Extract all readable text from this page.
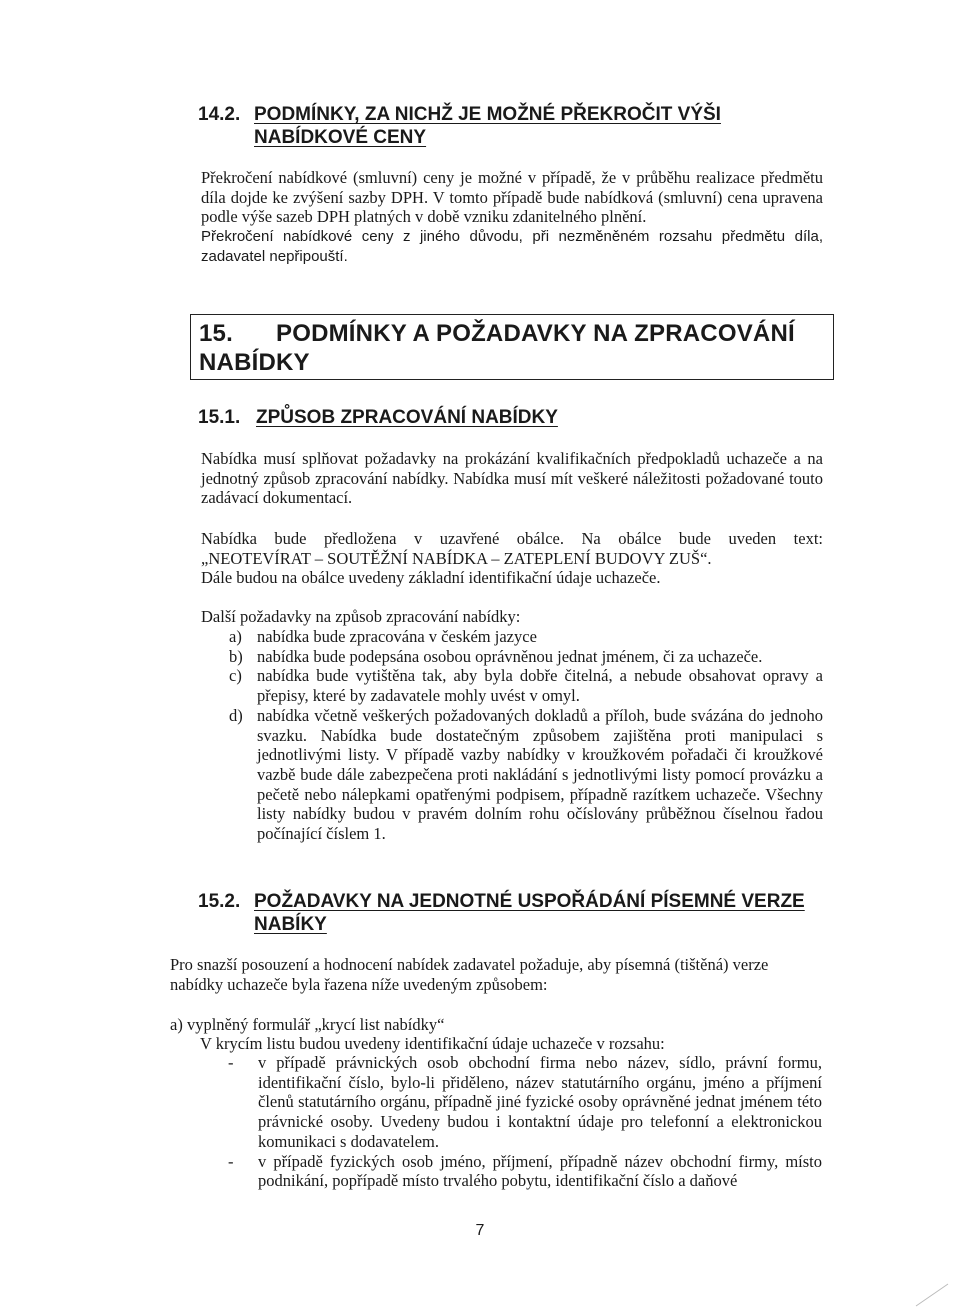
14.2. PODMÍNKY, ZA NICHŽ JE MOŽNÉ PŘEKROČIT VÝŠI
NABÍDKOVÉ CENY
Překročení nabídkové (smluvní) ceny je možné v případě, že v průběhu realizace předmětu díla dojde ke zvýšení sazby DPH. V tomto případě bude nabídková (smluvní) cena upravena podle výše sazeb DPH platných v době vzniku zdanitelného plnění.
Překročení nabídkové ceny z jiného důvodu, při nezměněném rozsahu předmětu díla, zadavatel nepřipouští.
15. PODMÍNKY A POŽADAVKY NA ZPRACOVÁNÍ
NABÍDKY
15.1. ZPŮSOB ZPRACOVÁNÍ NABÍDKY
Nabídka musí splňovat požadavky na prokázání kvalifikačních předpokladů uchazeče a na jednotný způsob zpracování nabídky. Nabídka musí mít veškeré náležitosti požadované touto zadávací dokumentací.
Nabídka bude předložena v uzavřené obálce. Na obálce bude uveden text:
„NEOTEVÍRAT – SOUTĚŽNÍ NABÍDKA – ZATEPLENÍ BUDOVY ZUŠ“.
Dále budou na obálce uvedeny základní identifikační údaje uchazeče.
Další požadavky na způsob zpracování nabídky:
a) nabídka bude zpracována v českém jazyce
b) nabídka bude podepsána osobou oprávněnou jednat jménem, či za uchazeče.
c) nabídka bude vytištěna tak, aby byla dobře čitelná, a nebude obsahovat opravy a přepisy, které by zadavatele mohly uvést v omyl.
d) nabídka včetně veškerých požadovaných dokladů a příloh, bude svázána do jednoho svazku. Nabídka bude dostatečným způsobem zajištěna proti manipulaci s jednotlivými listy. V případě vazby nabídky v kroužkovém pořadači či kroužkové vazbě bude dále zabezpečena proti nakládání s jednotlivými listy pomocí provázku a pečetě nebo nálepkami opatřenými podpisem, případně razítkem uchazeče. Všechny listy nabídky budou v pravém dolním rohu očíslovány průběžnou číselnou řadou počínající číslem 1.
15.2. POŽADAVKY NA JEDNOTNÉ USPOŘÁDÁNÍ PÍSEMNÉ VERZE
NABÍKY
Pro snazší posouzení a hodnocení nabídek zadavatel požaduje, aby písemná (tištěná) verze nabídky uchazeče byla řazena níže uvedeným způsobem:
a) vyplněný formulář „krycí list nabídky“
V krycím listu budou uvedeny identifikační údaje uchazeče v rozsahu:
- v případě právnických osob obchodní firma nebo název, sídlo, právní formu, identifikační číslo, bylo-li přiděleno, název statutárního orgánu, jméno a příjmení členů statutárního orgánu, případně jiné fyzické osoby oprávněné jednat jménem této právnické osoby. Uvedeny budou i kontaktní údaje pro telefonní a elektronickou komunikaci s dodavatelem.
- v případě fyzických osob jméno, příjmení, případně název obchodní firmy, místo podnikání, popřípadě místo trvalého pobytu, identifikační číslo a daňové
7
